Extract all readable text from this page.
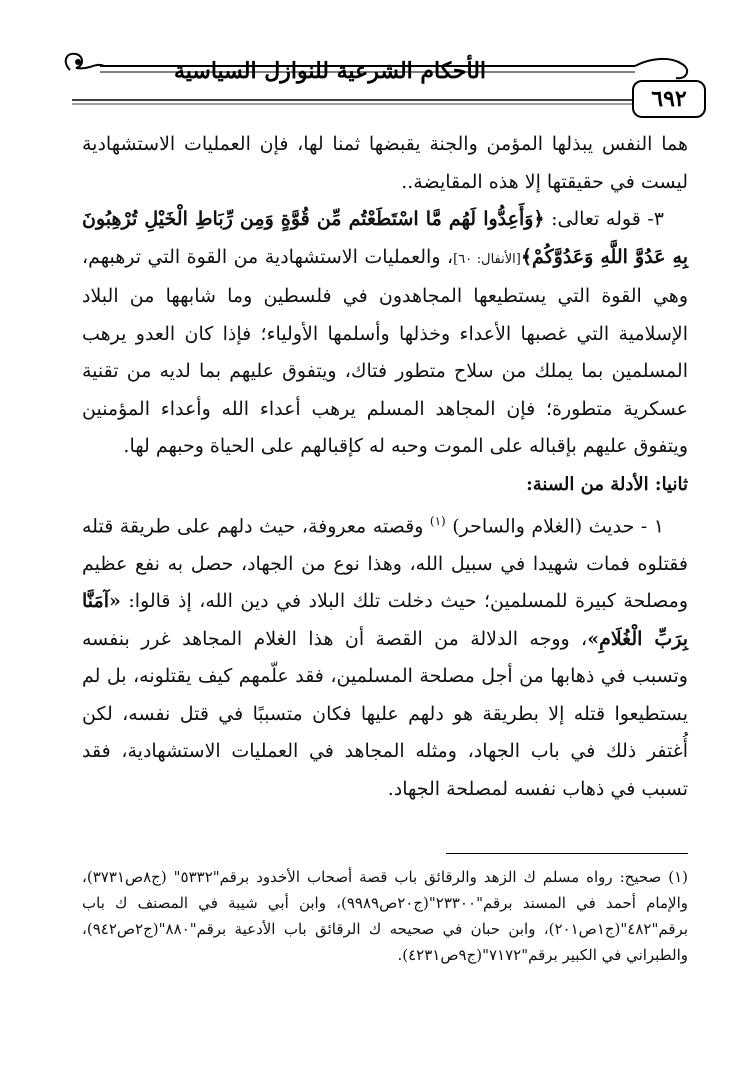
الأحكام الشرعية للنوازل السياسية
٦٩٢

هما النفس يبذلها المؤمن والجنة يقبضها ثمنا لها، فإن العمليات الاستشهادية ليست في حقيقتها إلا هذه المقايضة..

٣- قوله تعالى: ﴿وَأَعِدُّوا لَهُم مَّا اسْتَطَعْتُم مِّن قُوَّةٍ وَمِن رِّبَاطِ الْخَيْلِ تُرْهِبُونَ بِهِ عَدُوَّ اللَّهِ وَعَدُوَّكُمْ﴾[الأنفال: ٦٠]، والعمليات الاستشهادية من القوة التي ترهبهم، وهي القوة التي يستطيعها المجاهدون في فلسطين وما شابهها من البلاد الإسلامية التي غصبها الأعداء وخذلها وأسلمها الأولياء؛ فإذا كان العدو يرهب المسلمين بما يملك من سلاح متطور فتاك، ويتفوق عليهم بما لديه من تقنية عسكرية متطورة؛ فإن المجاهد المسلم يرهب أعداء الله وأعداء المؤمنين ويتفوق عليهم بإقباله على الموت وحبه له كإقبالهم على الحياة وحبهم لها.

ثانيا: الأدلة من السنة:

١ - حديث (الغلام والساحر) $^{(١)}$ وقصته معروفة، حيث دلهم على طريقة قتله فقتلوه فمات شهيدا في سبيل الله، وهذا نوع من الجهاد، حصل به نفع عظيم ومصلحة كبيرة للمسلمين؛ حيث دخلت تلك البلاد في دين الله، إذ قالوا: «آمَنَّا بِرَبِّ الْغُلَامِ»، ووجه الدلالة من القصة أن هذا الغلام المجاهد غرر بنفسه وتسبب في ذهابها من أجل مصلحة المسلمين، فقد علّمهم كيف يقتلونه، بل لم يستطيعوا قتله إلا بطريقة هو دلهم عليها فكان متسببًا في قتل نفسه، لكن أُغتفر ذلك في باب الجهاد، ومثله المجاهد في العمليات الاستشهادية، فقد تسبب في ذهاب نفسه لمصلحة الجهاد.

(١) صحيح: رواه مسلم ك الزهد والرقائق باب قصة أصحاب الأخدود برقم"٥٣٣٢" (ج٨ص٣٧٣١)، والإمام أحمد في المسند برقم"٢٣٣٠٠"(ج٢٠ص٩٩٨٩)، وابن أبي شيبة في المصنف ك باب برقم"٤٨٢"(ج١ص٢٠١)، وابن حبان في صحيحه ك الرقائق باب الأدعية برقم"٨٨٠"(ج٢ص٩٤٢)، والطبراني في الكبير برقم"٧١٧٢"(ج٩ص٤٢٣١).
